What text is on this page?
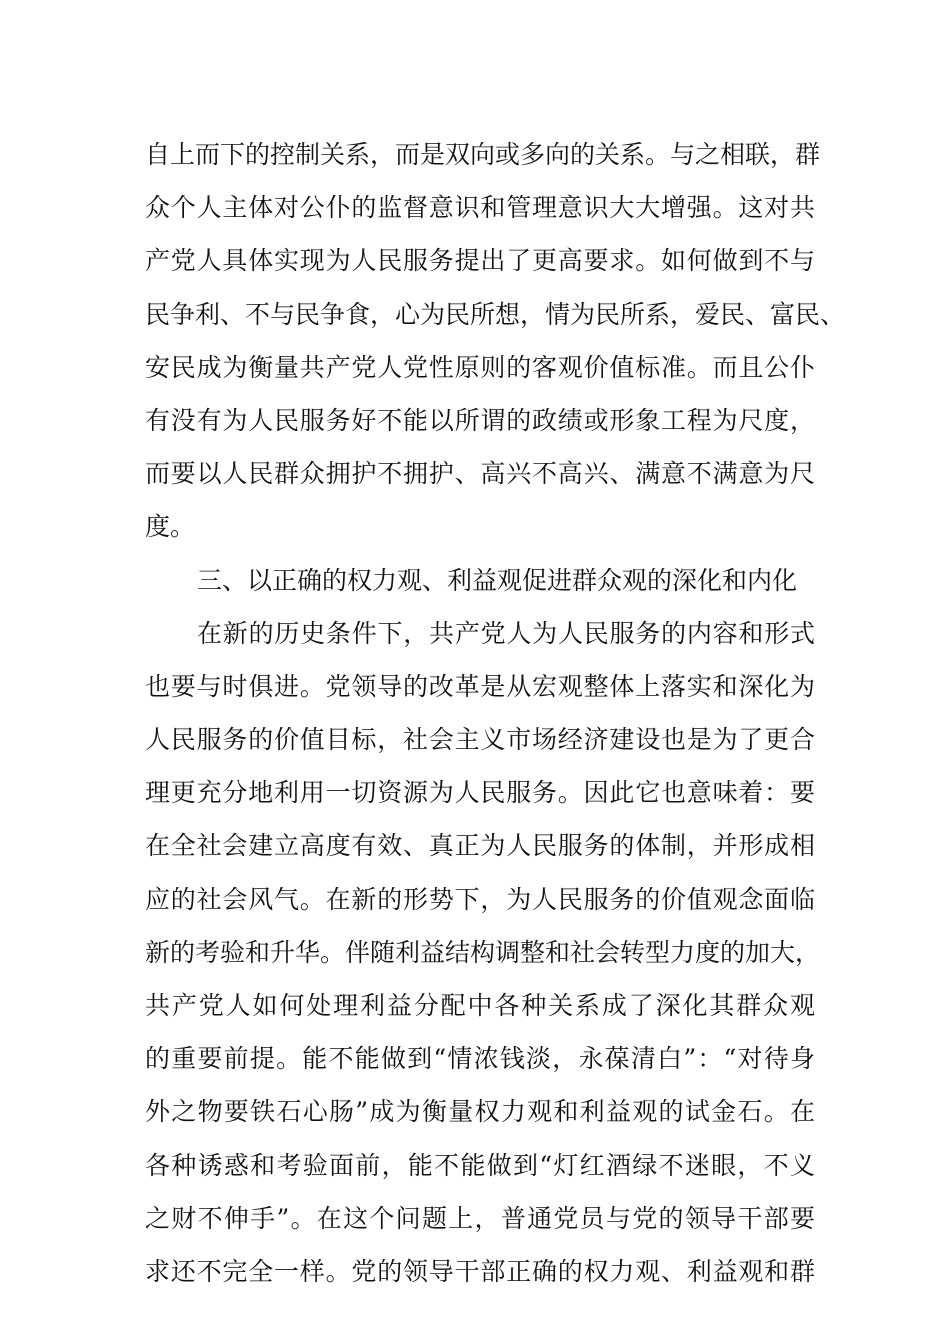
自上而下的控制关系，而是双向或多向的关系。与之相联，群
众个人主体对公仆的监督意识和管理意识大大增强。这对共
产党人具体实现为人民服务提出了更高要求。如何做到不与
民争利、不与民争食，心为民所想，情为民所系，爱民、富民、
安民成为衡量共产党人党性原则的客观价值标准。而且公仆
有没有为人民服务好不能以所谓的政绩或形象工程为尺度，
而要以人民群众拥护不拥护、高兴不高兴、满意不满意为尺
度。
三、以正确的权力观、利益观促进群众观的深化和内化
在新的历史条件下，共产党人为人民服务的内容和形式
也要与时俱进。党领导的改革是从宏观整体上落实和深化为
人民服务的价值目标，社会主义市场经济建设也是为了更合
理更充分地利用一切资源为人民服务。因此它也意味着：要
在全社会建立高度有效、真正为人民服务的体制，并形成相
应的社会风气。在新的形势下，为人民服务的价值观念面临
新的考验和升华。伴随利益结构调整和社会转型力度的加大，
共产党人如何处理利益分配中各种关系成了深化其群众观
的重要前提。能不能做到“情浓钱淡，永葆清白”：“对待身
外之物要铁石心肠”成为衡量权力观和利益观的试金石。在
各种诱惑和考验面前，能不能做到“灯红酒绿不迷眼，不义
之财不伸手”。在这个问题上，普通党员与党的领导干部要
求还不完全一样。党的领导干部正确的权力观、利益观和群
